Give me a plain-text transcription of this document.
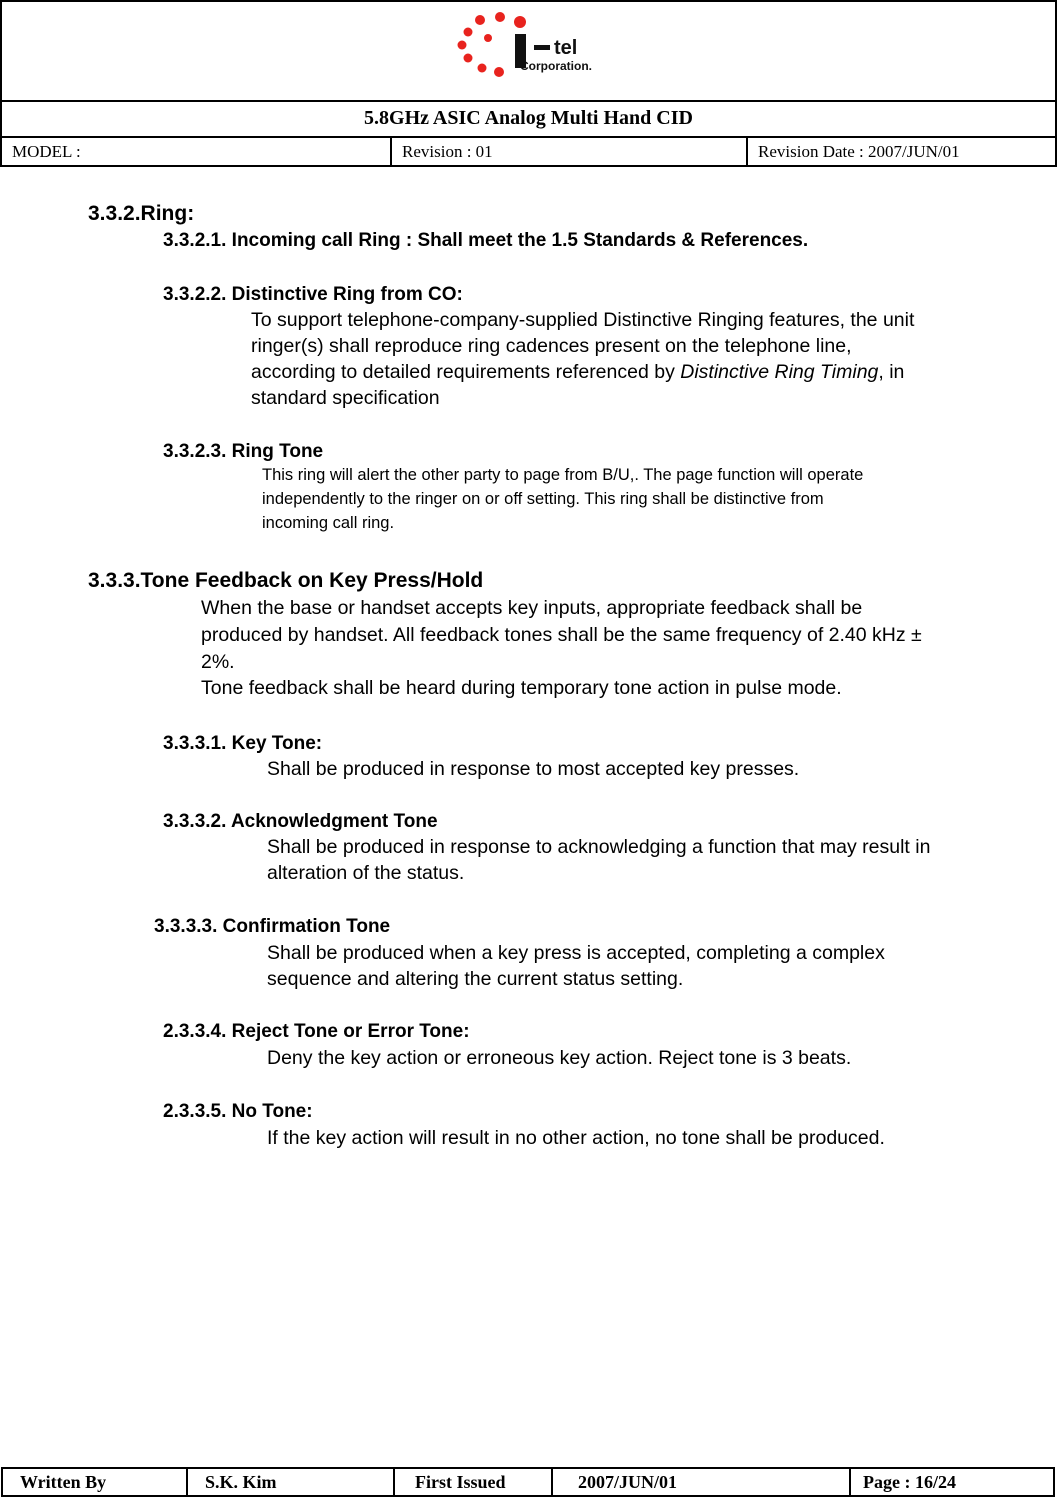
tel
Corporation.
5.8GHz ASIC Analog Multi Hand CID
MODEL :	Revision : 01	Revision Date : 2007/JUN/01
3.3.2.Ring:
3.3.2.1. Incoming call Ring : Shall meet the 1.5 Standards & References.
3.3.2.2. Distinctive Ring from CO:
To support telephone-company-supplied Distinctive Ringing features, the unit
ringer(s) shall reproduce ring cadences present on the telephone line,
according to detailed requirements referenced by Distinctive Ring Timing, in
standard specification
3.3.2.3. Ring Tone
This ring will alert the other party to page from B/U,. The page function will operate
independently to the ringer on or off setting. This ring shall be distinctive from
incoming call ring.
3.3.3.Tone Feedback on Key Press/Hold
When the base or handset accepts key inputs, appropriate feedback shall be
produced by handset. All feedback tones shall be the same frequency of 2.40 kHz ±
2%.
Tone feedback shall be heard during temporary tone action in pulse mode.
3.3.3.1. Key Tone:
Shall be produced in response to most accepted key presses.
3.3.3.2. Acknowledgment Tone
Shall be produced in response to acknowledging a function that may result in
alteration of the status.
3.3.3.3. Confirmation Tone
Shall be produced when a key press is accepted, completing a complex
sequence and altering the current status setting.
2.3.3.4. Reject Tone or Error Tone:
Deny the key action or erroneous key action. Reject tone is 3 beats.
2.3.3.5. No Tone:
If the key action will result in no other action, no tone shall be produced.
Written By	S.K. Kim	First Issued	2007/JUN/01	Page : 16/24
